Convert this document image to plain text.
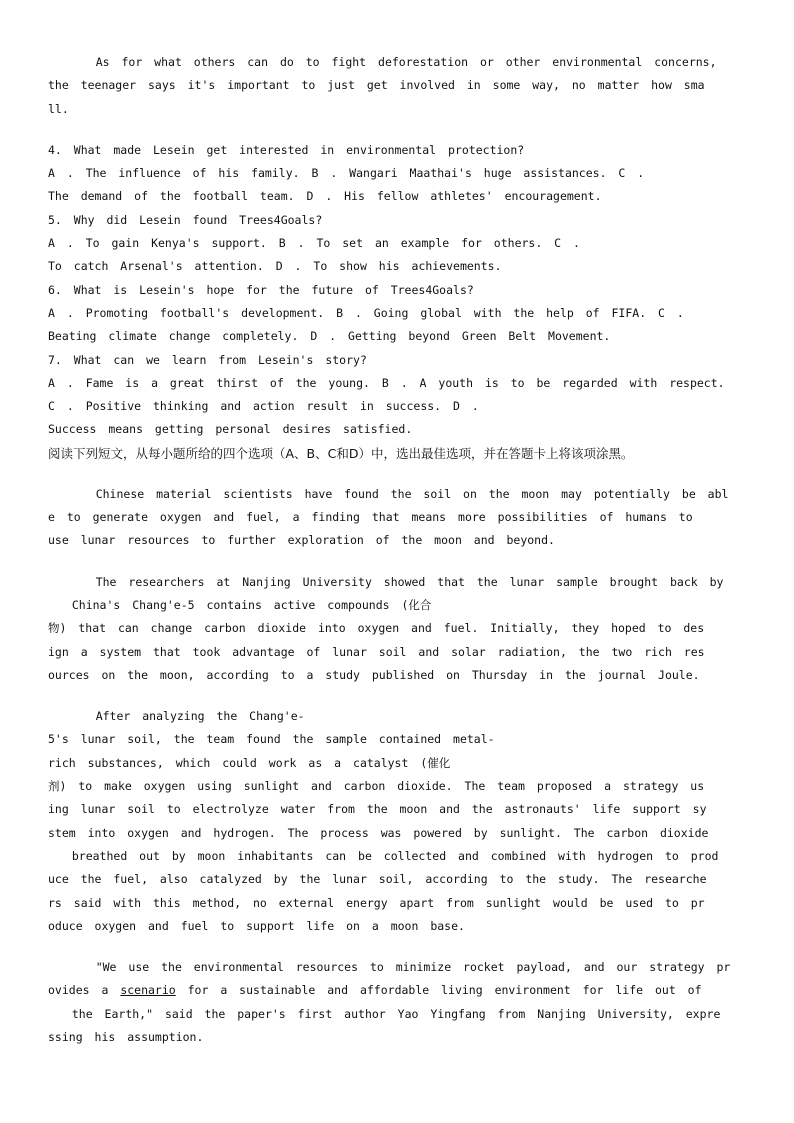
As for what others can do to fight deforestation or other environmental concerns,
the teenager says it's important to just get involved in some way, no matter how sma
ll.
4. What made Lesein get interested in environmental protection?
A . The influence of his family. B . Wangari Maathai's huge assistances. C .
The demand of the football team. D . His fellow athletes' encouragement.
5. Why did Lesein found Trees4Goals?
A . To gain Kenya's support. B . To set an example for others. C .
To catch Arsenal's attention. D . To show his achievements.
6. What is Lesein's hope for the future of Trees4Goals?
A . Promoting football's development. B . Going global with the help of FIFA. C .
Beating climate change completely. D . Getting beyond Green Belt Movement.
7. What can we learn from Lesein's story?
A . Fame is a great thirst of the young. B . A youth is to be regarded with respect.
C . Positive thinking and action result in success. D .
Success means getting personal desires satisfied.
阅读下列短文，从每小题所给的四个选项（A、B、C和D）中，选出最佳选项，并在答题卡上将该项涂黑。
Chinese material scientists have found the soil on the moon may potentially be abl
e to generate oxygen and fuel, a finding that means more possibilities of humans to
use lunar resources to further exploration of the moon and beyond.
The researchers at Nanjing University showed that the lunar sample brought back by
China's Chang'e-5 contains active compounds (化合
物) that can change carbon dioxide into oxygen and fuel. Initially, they hoped to des
ign a system that took advantage of lunar soil and solar radiation, the two rich res
ources on the moon, according to a study published on Thursday in the journal Joule.
After analyzing the Chang'e-
5's lunar soil, the team found the sample contained metal-
rich substances, which could work as a catalyst (催化
剂) to make oxygen using sunlight and carbon dioxide. The team proposed a strategy us
ing lunar soil to electrolyze water from the moon and the astronauts' life support sy
stem into oxygen and hydrogen. The process was powered by sunlight. The carbon dioxide
breathed out by moon inhabitants can be collected and combined with hydrogen to prod
uce the fuel, also catalyzed by the lunar soil, according to the study. The researche
rs said with this method, no external energy apart from sunlight would be used to pr
oduce oxygen and fuel to support life on a moon base.
"We use the environmental resources to minimize rocket payload, and our strategy pr
ovides a scenario for a sustainable and affordable living environment for life out of
the Earth," said the paper's first author Yao Yingfang from Nanjing University, expre
ssing his assumption.
